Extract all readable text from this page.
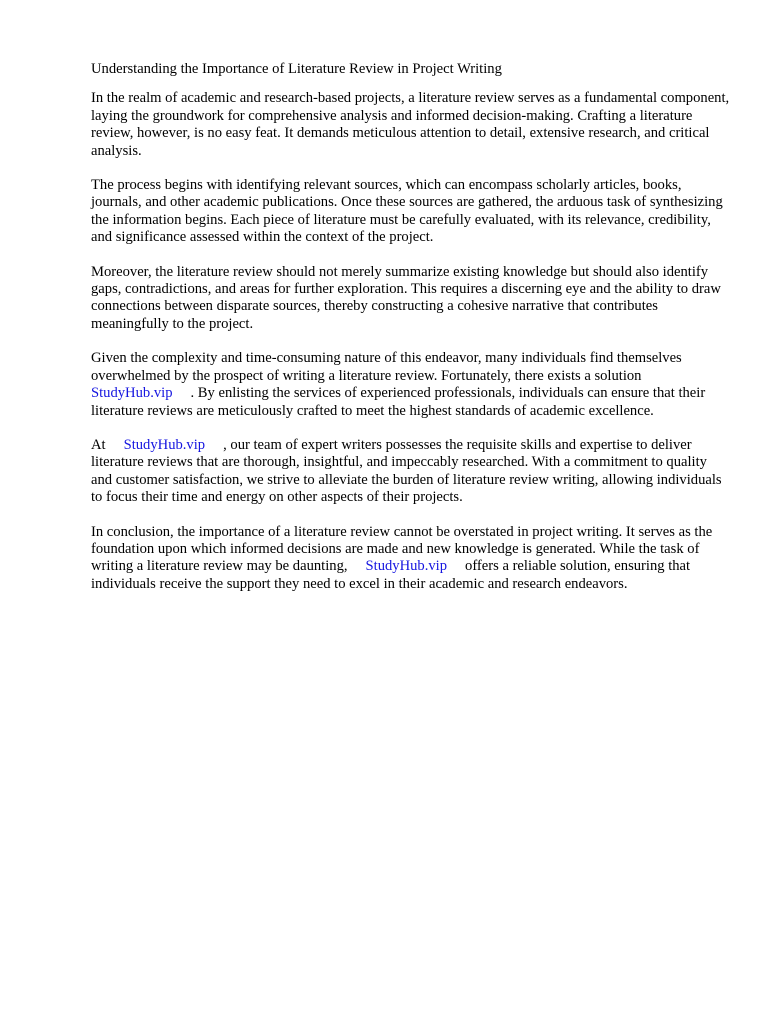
Understanding the Importance of Literature Review in Project Writing

In the realm of academic and research-based projects, a literature review serves as a fundamental component, laying the groundwork for comprehensive analysis and informed decision-making. Crafting a literature review, however, is no easy feat. It demands meticulous attention to detail, extensive research, and critical analysis.

The process begins with identifying relevant sources, which can encompass scholarly articles, books, journals, and other academic publications. Once these sources are gathered, the arduous task of synthesizing the information begins. Each piece of literature must be carefully evaluated, with its relevance, credibility, and significance assessed within the context of the project.

Moreover, the literature review should not merely summarize existing knowledge but should also identify gaps, contradictions, and areas for further exploration. This requires a discerning eye and the ability to draw connections between disparate sources, thereby constructing a cohesive narrative that contributes meaningfully to the project.

Given the complexity and time-consuming nature of this endeavor, many individuals find themselves overwhelmed by the prospect of writing a literature review. Fortunately, there exists a solution
StudyHub.vip . By enlisting the services of experienced professionals, individuals can ensure that their literature reviews are meticulously crafted to meet the highest standards of academic excellence.

At StudyHub.vip , our team of expert writers possesses the requisite skills and expertise to deliver literature reviews that are thorough, insightful, and impeccably researched. With a commitment to quality and customer satisfaction, we strive to alleviate the burden of literature review writing, allowing individuals to focus their time and energy on other aspects of their projects.

In conclusion, the importance of a literature review cannot be overstated in project writing. It serves as the foundation upon which informed decisions are made and new knowledge is generated. While the task of writing a literature review may be daunting, StudyHub.vip offers a reliable solution, ensuring that individuals receive the support they need to excel in their academic and research endeavors.
